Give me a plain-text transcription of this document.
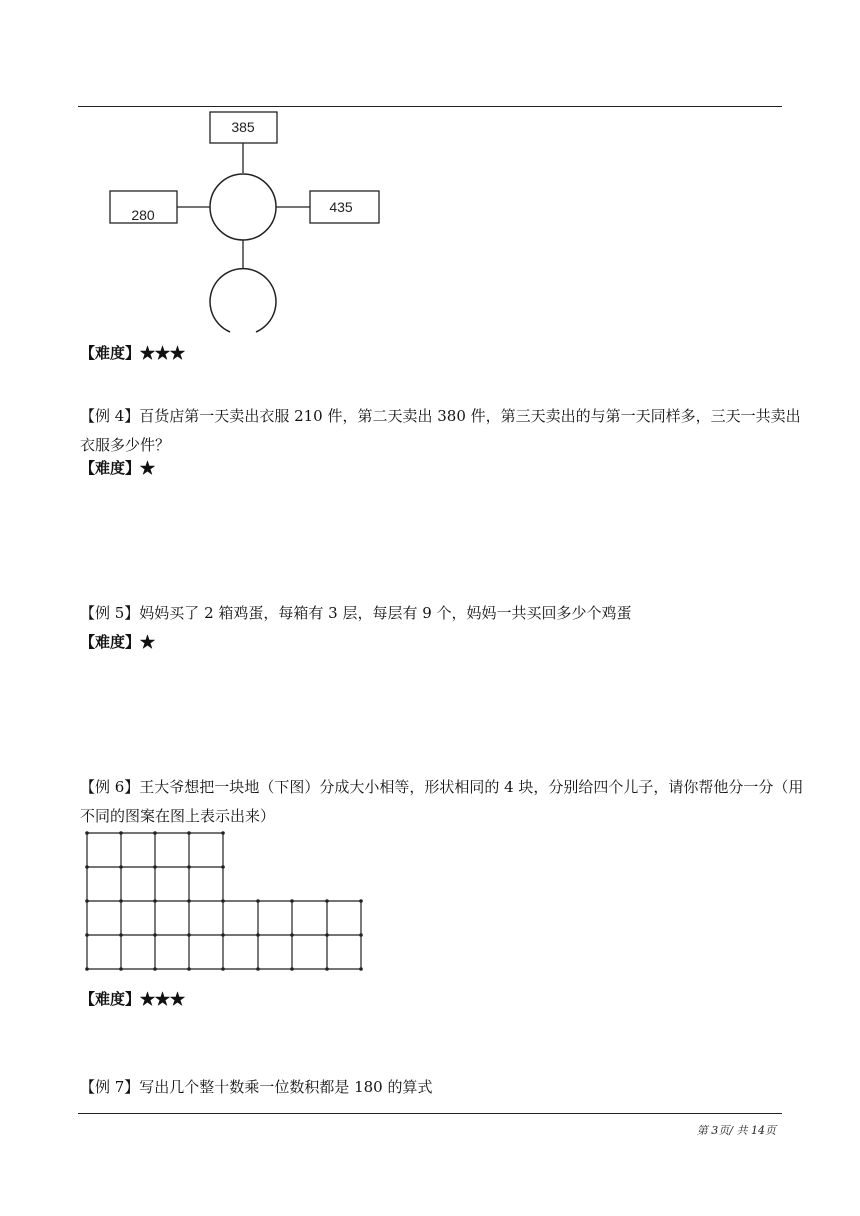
385
280	435
【难度】★★★
【例 4】百货店第一天卖出衣服 210 件，第二天卖出 380 件，第三天卖出的与第一天同样多，三天一共卖出
衣服多少件？
【难度】★
【例 5】妈妈买了 2 箱鸡蛋，每箱有 3 层，每层有 9 个，妈妈一共买回多少个鸡蛋
【难度】★
【例 6】王大爷想把一块地（下图）分成大小相等，形状相同的 4 块，分别给四个儿子，请你帮他分一分（用
不同的图案在图上表示出来）
【难度】★★★
【例 7】写出几个整十数乘一位数积都是 180 的算式
第 3页/ 共 14页
